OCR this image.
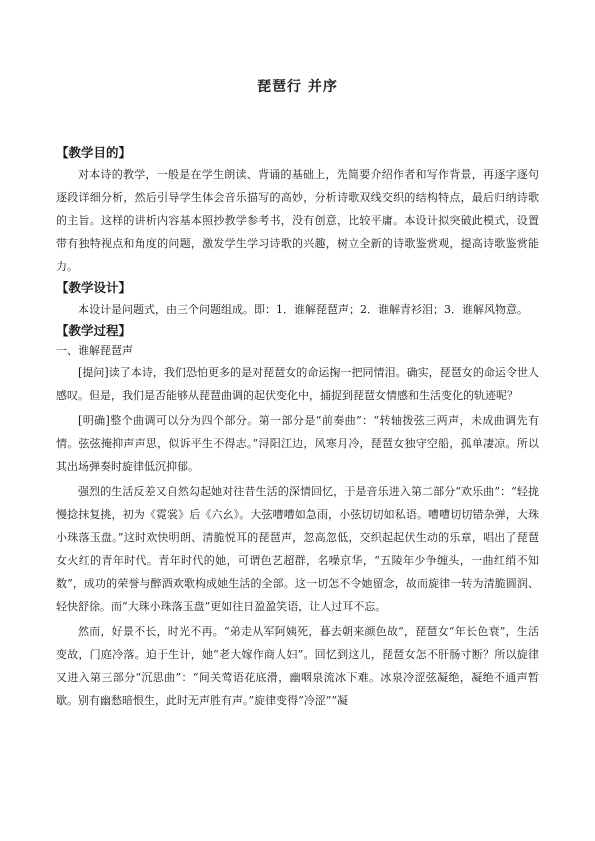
琵琶行 并序

【教学目的】

对本诗的教学，一般是在学生朗读、背诵的基础上，先简要介绍作者和写作背景，再逐字逐句逐段详细分析，然后引导学生体会音乐描写的高妙，分析诗歌双线交织的结构特点，最后归纳诗歌的主旨。这样的讲析内容基本照抄教学参考书，没有创意，比较平庸。本设计拟突破此模式，设置带有独特视点和角度的问题，激发学生学习诗歌的兴趣，树立全新的诗歌鉴赏观，提高诗歌鉴赏能力。

【教学设计】

本设计是问题式，由三个问题组成。即：1．谁解琵琶声；2．谁解青衫泪；3．谁解风物意。

【教学过程】

一、谁解琵琶声

[提问]读了本诗，我们恐怕更多的是对琵琶女的命运掬一把同情泪。确实，琵琶女的命运令世人感叹。但是，我们是否能够从琵琶曲调的起伏变化中，捕捉到琵琶女情感和生活变化的轨迹呢？

[明确]整个曲调可以分为四个部分。第一部分是“前奏曲”：“转轴拨弦三两声，未成曲调先有情。弦弦掩抑声声思，似诉平生不得志。”浔阳江边，风寒月冷，琵琶女独守空船，孤单凄凉。所以其出场弹奏时旋律低沉抑郁。

强烈的生活反差又自然勾起她对往昔生活的深情回忆，于是音乐进入第二部分“欢乐曲”：“轻拢慢捻抹复挑，初为《霓裳》后《六幺》。大弦嘈嘈如急雨，小弦切切如私语。嘈嘈切切错杂弹，大珠小珠落玉盘。”这时欢快明朗、清脆悦耳的琵琶声，忽高忽低，交织起起伏生动的乐章，唱出了琵琶女火红的青年时代。青年时代的她，可谓色艺超群，名噪京华，“五陵年少争缠头，一曲红绡不知数”，成功的荣誉与醉酒欢歌构成她生活的全部。这一切怎不令她留念，故而旋律一转为清脆圆润、轻快舒徐。而“大珠小珠落玉盘”更如往日盈盈笑语，让人过耳不忘。

然而，好景不长，时光不再。“弟走从军阿姨死，暮去朝来颜色故”，琵琶女“年长色衰”，生活变故，门庭冷落。迫于生计，她“老大嫁作商人妇”。回忆到这儿，琵琶女怎不肝肠寸断？所以旋律又进入第三部分“沉思曲”：“间关莺语花底滑，幽咽泉流冰下难。冰泉冷涩弦凝绝，凝绝不通声暂歇。别有幽愁暗恨生，此时无声胜有声。”旋律变得“冷涩”“凝
